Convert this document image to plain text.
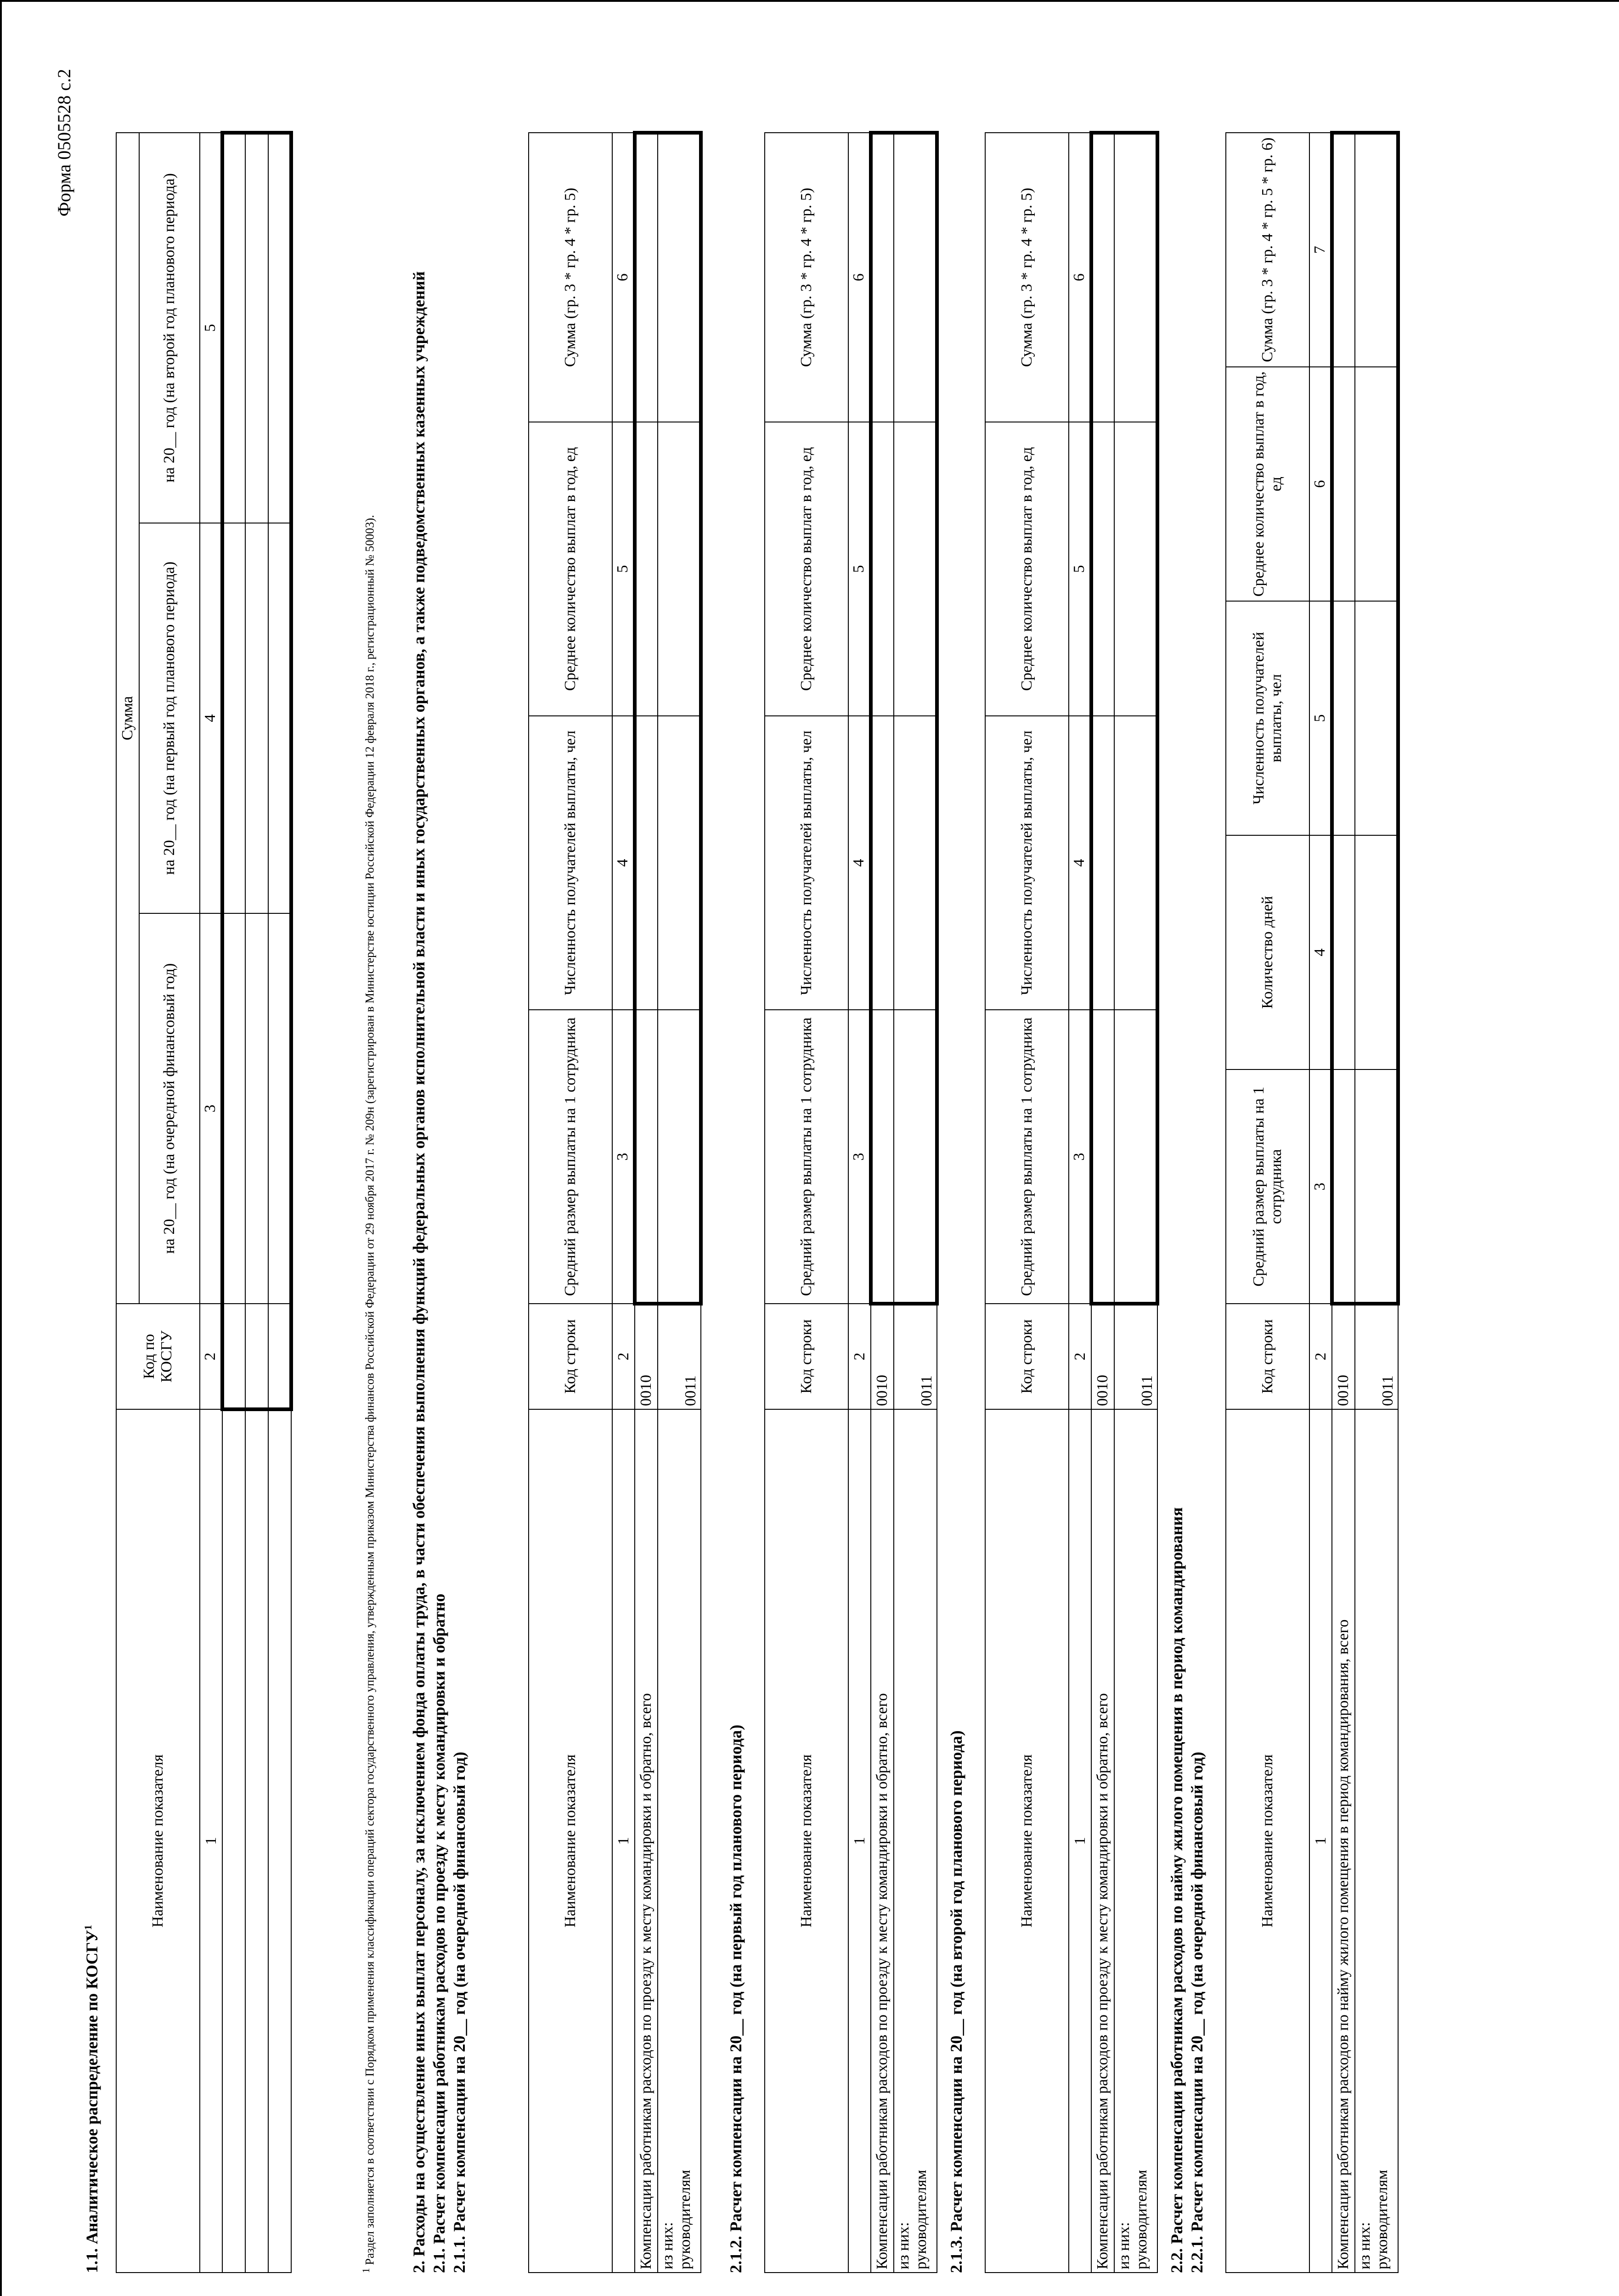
Форма 0505528 с.2
1.1. Аналитическое распределение по КОСГУ$^1$	Наименование показателя	Код по КОСГУ	Сумма		
		на 20__ год (на очередной финансовый год)	на 20__ год (на первый год планового периода)	на 20__ год (на второй год планового периода)
1	2	3	4	5

$^1$ Раздел заполняется в соответствии с Порядком применения классификации операций сектора государственного управления, утвержденным приказом Министерства финансов Российской Федерации от 29 ноября 2017 г. № 209н (зарегистрирован в Министерстве юстиции Российской Федерации 12 февраля 2018 г., регистрационный № 50003). 2. Расходы на осуществление иных выплат персоналу, за исключением фонда оплаты труда, в части обеспечения выполнения функций федеральных органов исполнительной власти и иных государственных органов, а также подведомственных казенных учреждений 2.1. Расчет компенсации работникам расходов по проезду к месту командировки и обратно 2.1.1. Расчет компенсации на 20__ год (на очередной финансовый год)	Наименование показателя	Код строки	Средний размер выплаты на 1 сотрудника	Численность получателей выплаты, чел	Среднее количество выплат в год, ед	Сумма (гр. 3 * гр. 4 * гр. 5)
1	2	3	4	5	6
Компенсации работникам расходов по проезду к месту командировки и обратно, всего	0010				

из них: руководителям	0011				
2.1.2. Расчет компенсации на 20__ год (на первый год планового периода)	Наименование показателя	Код строки	Средний размер выплаты на 1 сотрудника	Численность получателей выплаты, чел	Среднее количество выплат в год, ед	Сумма (гр. 3 * гр. 4 * гр. 5)
1	2	3	4	5	6
Компенсации работникам расходов по проезду к месту командировки и обратно, всего	0010				

из них: руководителям	0011				
2.1.3. Расчет компенсации на 20__ год (на второй год планового периода)	Наименование показателя	Код строки	Средний размер выплаты на 1 сотрудника	Численность получателей выплаты, чел	Среднее количество выплат в год, ед	Сумма (гр. 3 * гр. 4 * гр. 5)
1	2	3	4	5	6
Компенсации работникам расходов по проезду к месту командировки и обратно, всего	0010				

из них: руководителям	0011				
2.2. Расчет компенсации работникам расходов по найму жилого помещения в период командирования 2.2.1. Расчет компенсации на 20__ год (на очередной финансовый год)	Наименование показателя	Код строки	Средний размер выплаты на 1 сотрудника	Количество дней	Численность получателей выплаты, чел	Среднее количество выплат в год, ед	Сумма (гр. 3 * гр. 4 * гр. 5 * гр. 6)
1	2	3	4	5	6	7
Компенсации работникам расходов по найму жилого помещения в период командирования, всего	0010					

из них: руководителям	0011					
